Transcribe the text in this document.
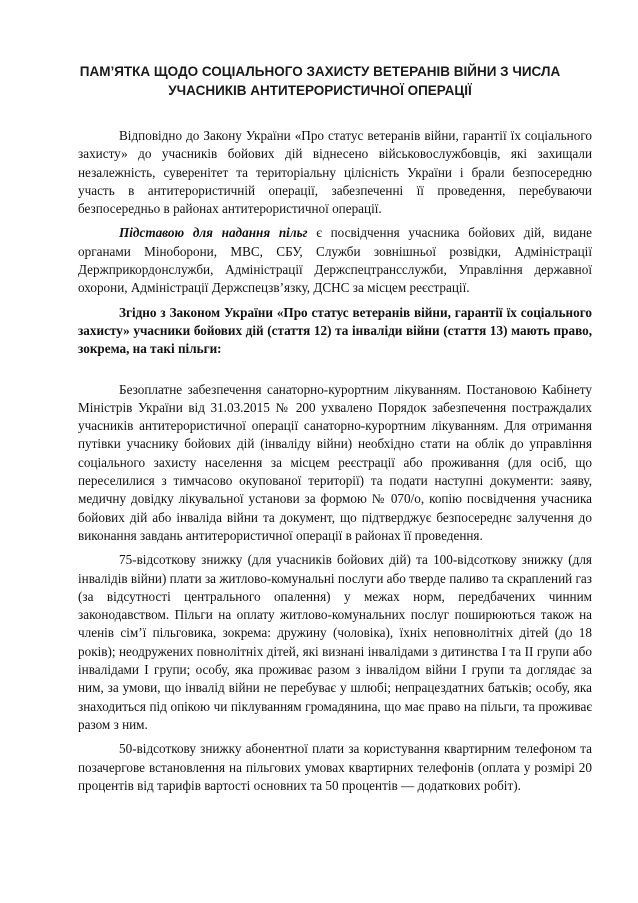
ПАМ’ЯТКА ЩОДО СОЦІАЛЬНОГО ЗАХИСТУ ВЕТЕРАНІВ ВІЙНИ З ЧИСЛА УЧАСНИКІВ АНТИТЕРОРИСТИЧНОЇ ОПЕРАЦІЇ

Відповідно до Закону України «Про статус ветеранів війни, гарантії їх соціального захисту» до учасників бойових дій віднесено військовослужбовців, які захищали незалежність, суверенітет та територіальну цілісність України і брали безпосередню участь в антитерористичній операції, забезпеченні її проведення, перебуваючи безпосередньо в районах антитерористичної операції.

Підставою для надання пільг є посвідчення учасника бойових дій, видане органами Міноборони, МВС, СБУ, Служби зовнішньої розвідки, Адміністрації Держприкордонслужби, Адміністрації Держспецтрансслужби, Управління державної охорони, Адміністрації Держспецзв’язку, ДСНС за місцем реєстрації.

Згідно з Законом України «Про статус ветеранів війни, гарантії їх соціального захисту» учасники бойових дій (стаття 12) та інваліди війни (стаття 13) мають право, зокрема, на такі пільги:

Безоплатне забезпечення санаторно-курортним лікуванням. Постановою Кабінету Міністрів України від 31.03.2015 № 200 ухвалено Порядок забезпечення постраждалих учасників антитерористичної операції санаторно-курортним лікуванням. Для отримання путівки учаснику бойових дій (інваліду війни) необхідно стати на облік до управління соціального захисту населення за місцем реєстрації або проживання (для осіб, що переселилися з тимчасово окупованої території) та подати наступні документи: заяву, медичну довідку лікувальної установи за формою № 070/о, копію посвідчення учасника бойових дій або інваліда війни та документ, що підтверджує безпосереднє залучення до виконання завдань антитерористичної операції в районах її проведення.

75-відсоткову знижку (для учасників бойових дій) та 100-відсоткову знижку (для інвалідів війни) плати за житлово-комунальні послуги або тверде паливо та скраплений газ (за відсутності центрального опалення) у межах норм, передбачених чинним законодавством. Пільги на оплату житлово-комунальних послуг поширюються також на членів сім’ї пільговика, зокрема: дружину (чоловіка), їхніх неповнолітніх дітей (до 18 років); неодружених повнолітніх дітей, які визнані інвалідами з дитинства I та II групи або інвалідами I групи; особу, яка проживає разом з інвалідом війни I групи та доглядає за ним, за умови, що інвалід війни не перебуває у шлюбі; непрацездатних батьків; особу, яка знаходиться під опікою чи піклуванням громадянина, що має право на пільги, та проживає разом з ним.

50-відсоткову знижку абонентної плати за користування квартирним телефоном та позачергове встановлення на пільгових умовах квартирних телефонів (оплата у розмірі 20 процентів від тарифів вартості основних та 50 процентів — додаткових робіт).
